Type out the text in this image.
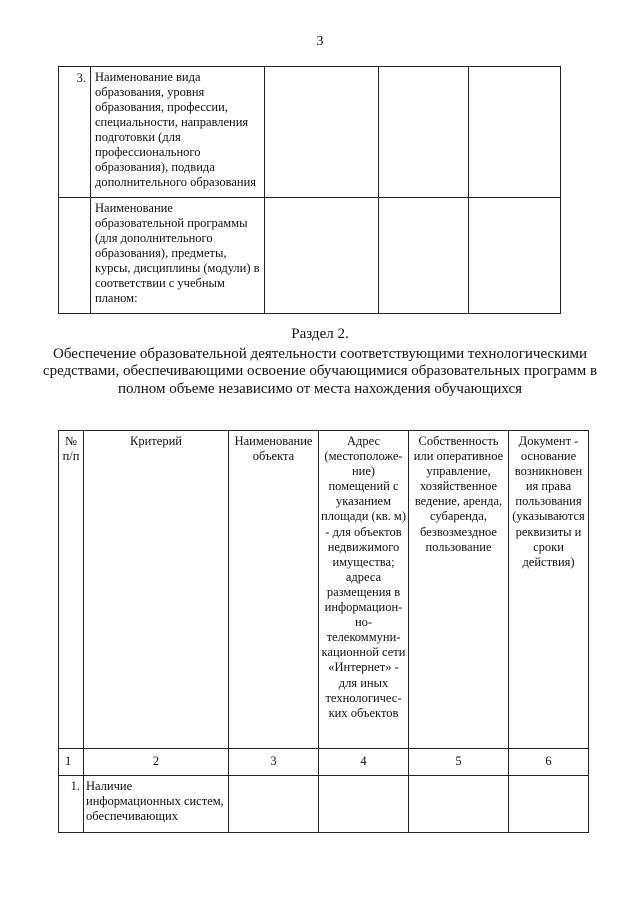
3
3.	Наименование вида образования, уровня образования, профессии, специальности, направления подготовки (для профессионального образования), подвида дополнительного образования			
	Наименование образовательной программы (для дополнительного образования), предметы, курсы, дисциплины (модули) в соответствии с учебным планом:			
Раздел 2.
Обеспечение образовательной деятельности соответствующими технологическими средствами, обеспечивающими освоение обучающимися образовательных программ в полном объеме независимо от места нахождения обучающихся
№ п/п	Критерий	Наименование объекта	Адрес (местоположе-ние) помещений с указанием площади (кв. м) - для объектов недвижимого имущества; адреса размещения в информацион-но-телекоммуни-кационной сети «Интернет» - для иных технологичес-ких объектов	Собственность или оперативное управление, хозяйственное ведение, аренда, субаренда, безвозмездное пользование	Документ - основание возникновен ия права пользования (указываются реквизиты и сроки действия)
1	2	3	4	5	6
1.	Наличие информационных систем, обеспечивающих				
